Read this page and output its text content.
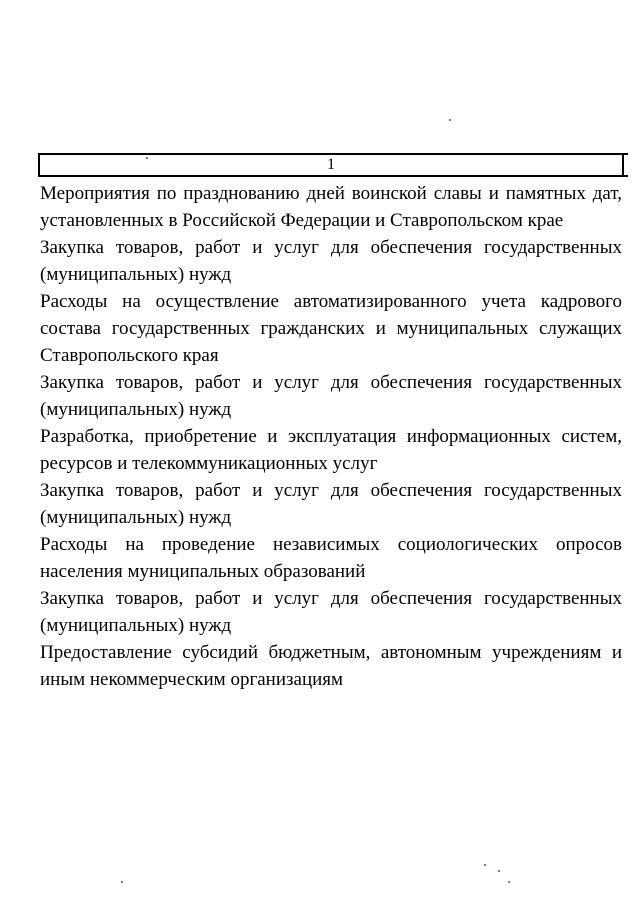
1

Мероприятия по празднованию дней воинской славы и памятных дат, установленных в Российской Федерации и Ставропольском крае

Закупка товаров, работ и услуг для обеспечения государственных (муниципальных) нужд

Расходы на осуществление автоматизированного учета кадрового состава государственных гражданских и муниципальных служащих Ставропольского края

Закупка товаров, работ и услуг для обеспечения государственных (муниципальных) нужд

Разработка, приобретение и эксплуатация информационных систем, ресурсов и телекоммуникационных услуг

Закупка товаров, работ и услуг для обеспечения государственных (муниципальных) нужд

Расходы на проведение независимых социологических опросов населения муниципальных образований

Закупка товаров, работ и услуг для обеспечения государственных (муниципальных) нужд

Предоставление субсидий бюджетным, автономным учреждениям и иным некоммерческим организациям
